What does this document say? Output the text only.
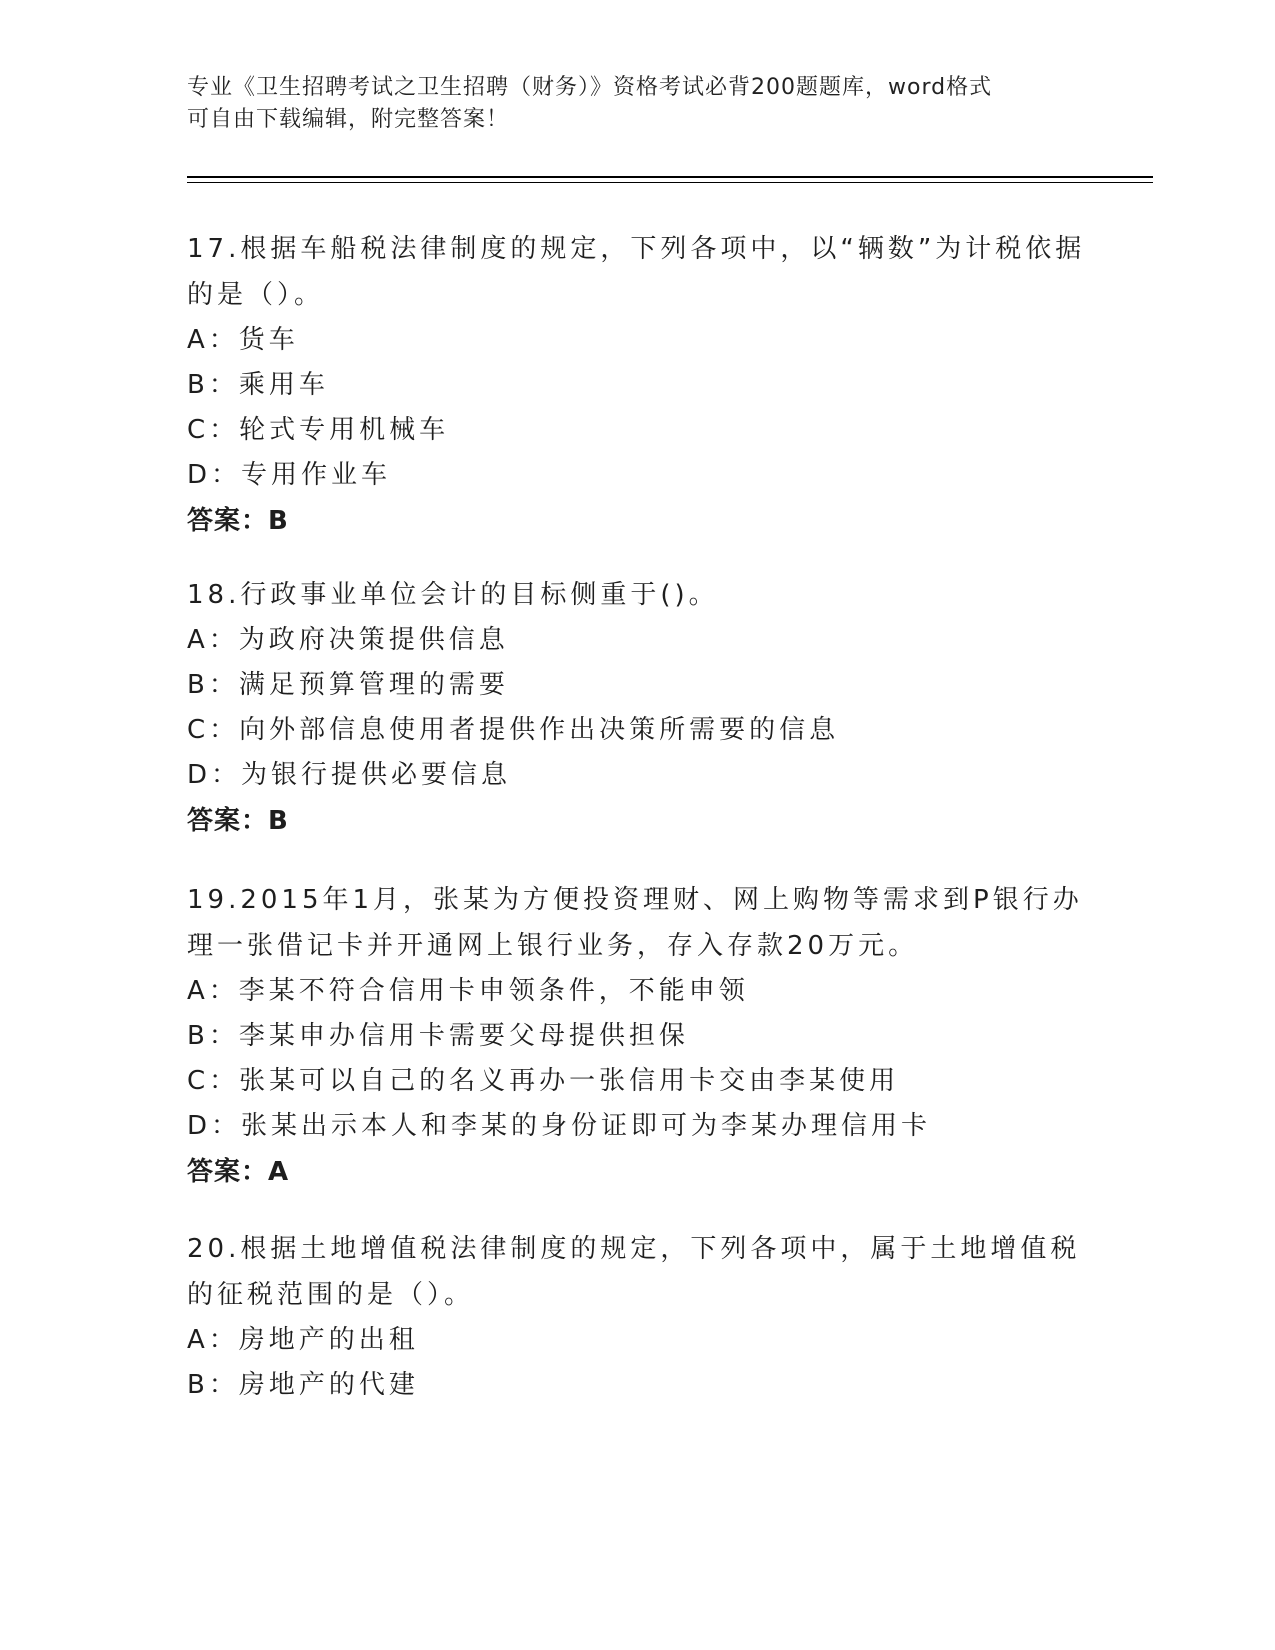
专业《卫生招聘考试之卫生招聘（财务）》资格考试必背200题题库，word格式
可自由下载编辑，附完整答案！
17.根据车船税法律制度的规定，下列各项中，以“辆数”为计税依据的是（）。
A：货车
B：乘用车
C：轮式专用机械车
D：专用作业车
答案：B
18.行政事业单位会计的目标侧重于()。
A：为政府决策提供信息
B：满足预算管理的需要
C：向外部信息使用者提供作出决策所需要的信息
D：为银行提供必要信息
答案：B
19.2015年1月，张某为方便投资理财、网上购物等需求到P银行办理一张借记卡并开通网上银行业务，存入存款20万元。
A：李某不符合信用卡申领条件，不能申领
B：李某申办信用卡需要父母提供担保
C：张某可以自己的名义再办一张信用卡交由李某使用
D：张某出示本人和李某的身份证即可为李某办理信用卡
答案：A
20.根据土地增值税法律制度的规定，下列各项中，属于土地增值税的征税范围的是（）。
A：房地产的出租
B：房地产的代建
